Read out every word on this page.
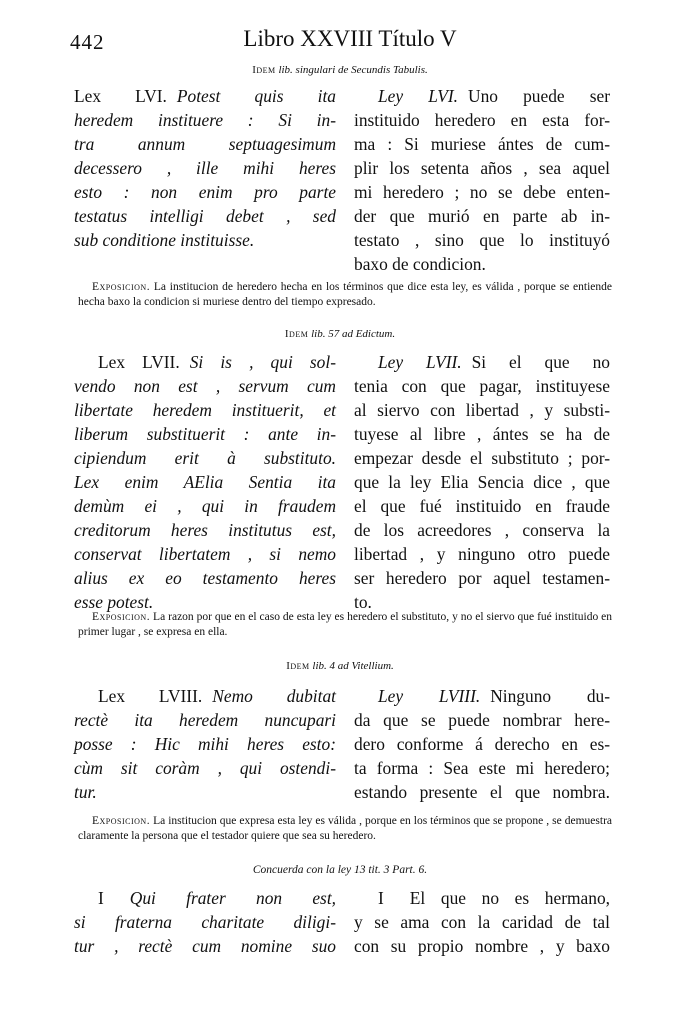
442	Libro XXVIII Título V
Idem lib. singulari de Secundis Tabulis.
Lex LVI. Potest quis ita
heredem instituere : Si in-
tra annum septuagesimum
decessero , ille mihi heres
esto : non enim pro parte
testatus intelligi debet , sed
sub conditione instituisse.
Ley LVI. Uno puede ser
instituido heredero en esta for-
ma : Si muriese ántes de cum-
plir los setenta años , sea aquel
mi heredero ; no se debe enten-
der que murió en parte ab in-
testato , sino que lo instituyó
baxo de condicion.
Exposicion. La institucion de heredero hecha en los términos que dice esta ley, es válida , porque se entiende hecha baxo la condicion si muriese dentro del tiempo expresado.
Idem lib. 57 ad Edictum.
Lex LVII. Si is , qui sol-
vendo non est , servum cum
libertate heredem instituerit, et
liberum substituerit : ante in-
cipiendum erit à substituto.
Lex enim AElia Sentia ita
demùm ei , qui in fraudem
creditorum heres institutus est,
conservat libertatem , si nemo
alius ex eo testamento heres
esse potest.
Ley LVII. Si el que no
tenia con que pagar, instituyese
al siervo con libertad , y substi-
tuyese al libre , ántes se ha de
empezar desde el substituto ; por-
que la ley Elia Sencia dice , que
el que fué instituido en fraude
de los acreedores , conserva la
libertad , y ninguno otro puede
ser heredero por aquel testamen-
to.
Exposicion. La razon por que en el caso de esta ley es heredero el substituto, y no el siervo que fué instituido en primer lugar , se expresa en ella.
Idem lib. 4 ad Vitellium.
Lex LVIII. Nemo dubitat
rectè ita heredem nuncupari
posse : Hic mihi heres esto:
cùm sit coràm , qui ostendi-
tur.
Ley LVIII. Ninguno du-
da que se puede nombrar here-
dero conforme á derecho en es-
ta forma : Sea este mi heredero;
estando presente el que nombra.
Exposicion. La institucion que expresa esta ley es válida , porque en los términos que se propone , se demuestra claramente la persona que el testador quiere que sea su heredero.
Concuerda con la ley 13 tit. 3 Part. 6.
I Qui frater non est,
si fraterna charitate diligi-
tur , rectè cum nomine suo
I El que no es hermano,
y se ama con la caridad de tal
con su propio nombre , y baxo
